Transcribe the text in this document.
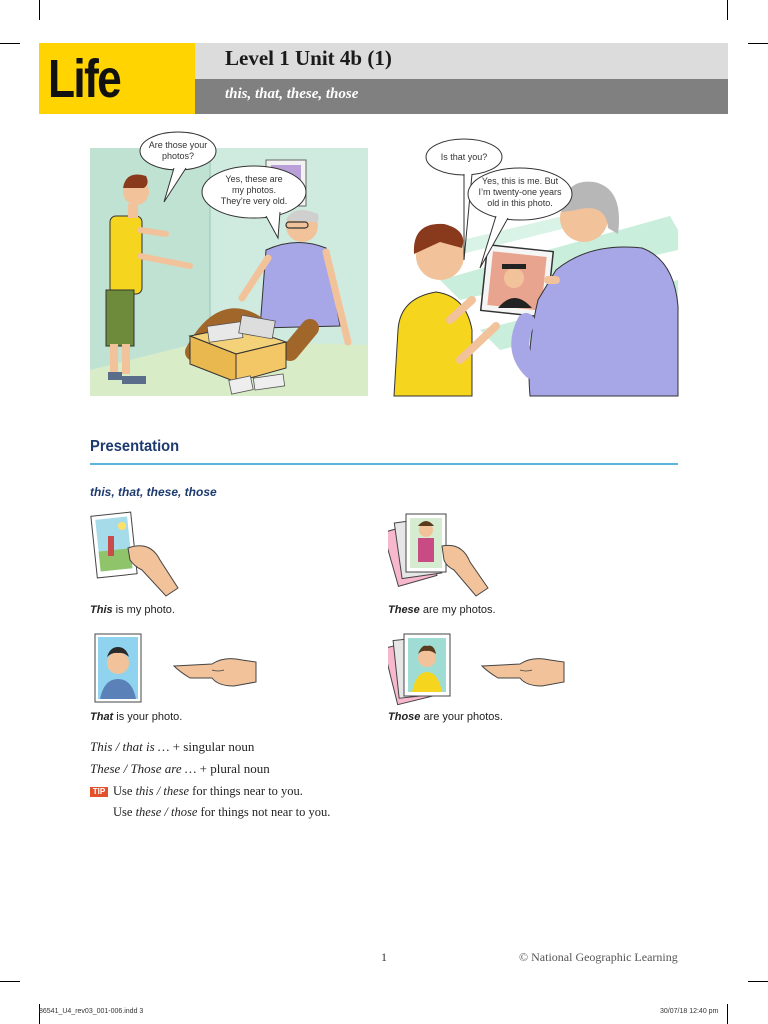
Life	Level 1 Unit 4b (1)
this, that, these, those
Are those your
photos?
Yes, these are
my photos.
They’re very old.
Is that you?
Yes, this is me. But
I’m twenty-one years
old in this photo.
Presentation
this, that, these, those
This is my photo.	These are my photos.
That is your photo.	Those are your photos.
This / that is … + singular noun
These / Those are … + plural noun
TIP Use this / these for things near to you.
Use these / those for things not near to you.
1	© National Geographic Learning
86541_U4_rev03_001-006.indd 3	30/07/18 12:40 pm
